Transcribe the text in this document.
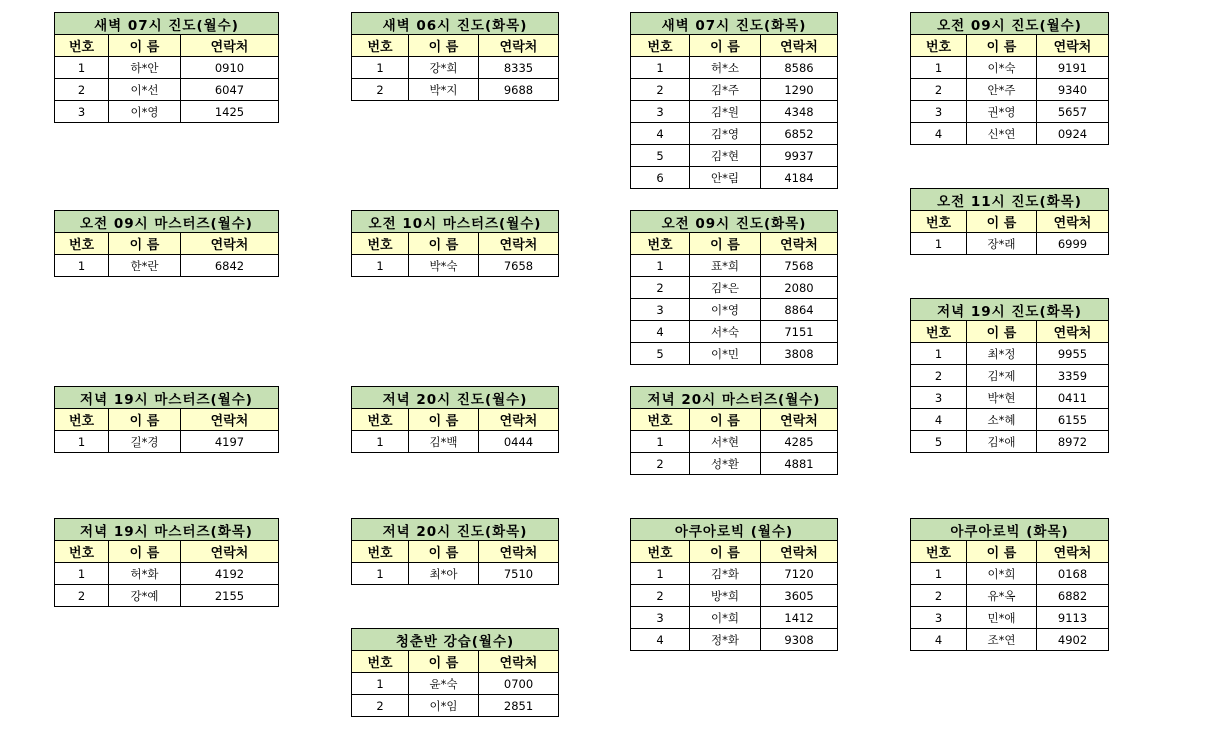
새벽 07시 진도(월수)		
번호	이 름	연락처
1	하*안	0910
2	이*선	6047
3	이*영	1425
새벽 06시 진도(화목)		
번호	이 름	연락처
1	강*희	8335
2	박*지	9688
새벽 07시 진도(화목)		
번호	이 름	연락처
1	허*소	8586
2	김*주	1290
3	김*원	4348
4	김*영	6852
5	김*현	9937
6	안*림	4184
오전 09시 진도(월수)		
번호	이 름	연락처
1	이*숙	9191
2	안*주	9340
3	권*영	5657
4	신*연	0924
오전 11시 진도(화목)		
번호	이 름	연락처
1	장*래	6999
오전 09시 마스터즈(월수)		
번호	이 름	연락처
1	한*란	6842
오전 10시 마스터즈(월수)		
번호	이 름	연락처
1	박*숙	7658
오전 09시 진도(화목)		
번호	이 름	연락처
1	표*희	7568
2	김*은	2080
3	이*영	8864
4	서*숙	7151
5	이*민	3808
저녁 19시 진도(화목)		
번호	이 름	연락처
1	최*정	9955
2	김*제	3359
3	박*현	0411
4	소*혜	6155
5	김*애	8972
저녁 19시 마스터즈(월수)		
번호	이 름	연락처
1	길*경	4197
저녁 20시 진도(월수)		
번호	이 름	연락처
1	김*백	0444
저녁 20시 마스터즈(월수)		
번호	이 름	연락처
1	서*현	4285
2	성*환	4881
저녁 19시 마스터즈(화목)		
번호	이 름	연락처
1	허*화	4192
2	강*예	2155
저녁 20시 진도(화목)		
번호	이 름	연락처
1	최*아	7510
아쿠아로빅 (월수)		
번호	이 름	연락처
1	김*화	7120
2	방*희	3605
3	이*희	1412
4	정*화	9308
아쿠아로빅 (화목)		
번호	이 름	연락처
1	이*희	0168
2	유*옥	6882
3	민*애	9113
4	조*연	4902
청춘반 강습(월수)		
번호	이 름	연락처
1	윤*숙	0700
2	이*임	2851
